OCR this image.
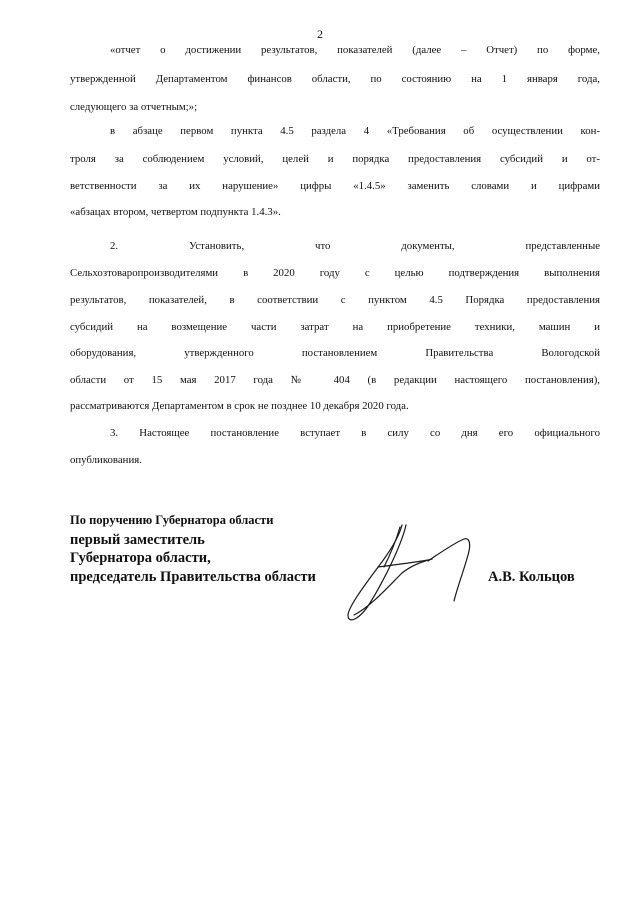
2
«отчет о достижении результатов, показателей (далее – Отчет) по форме,
утвержденной Департаментом финансов области, по состоянию на 1 января года,
следующего за отчетным;»;
в абзаце первом пункта 4.5 раздела 4 «Требования об осуществлении кон-
троля за соблюдением условий, целей и порядка предоставления субсидий и от-
ветственности за их нарушение» цифры «1.4.5» заменить словами и цифрами
«абзацах втором, четвертом подпункта 1.4.3».
2. Установить, что документы, представленные
Сельхозтоваропроизводителями в 2020 году с целью подтверждения выполнения
результатов, показателей, в соответствии с пунктом 4.5 Порядка предоставления
субсидий на возмещение части затрат на приобретение техники, машин и
оборудования, утвержденного постановлением Правительства Вологодской
области от 15 мая 2017 года № 404 (в редакции настоящего постановления),
рассматриваются Департаментом в срок не позднее 10 декабря 2020 года.
3. Настоящее постановление вступает в силу со дня его официального
опубликования.
По поручению Губернатора области
первый заместитель
Губернатора области,
председатель Правительства области	А.В. Кольцов
